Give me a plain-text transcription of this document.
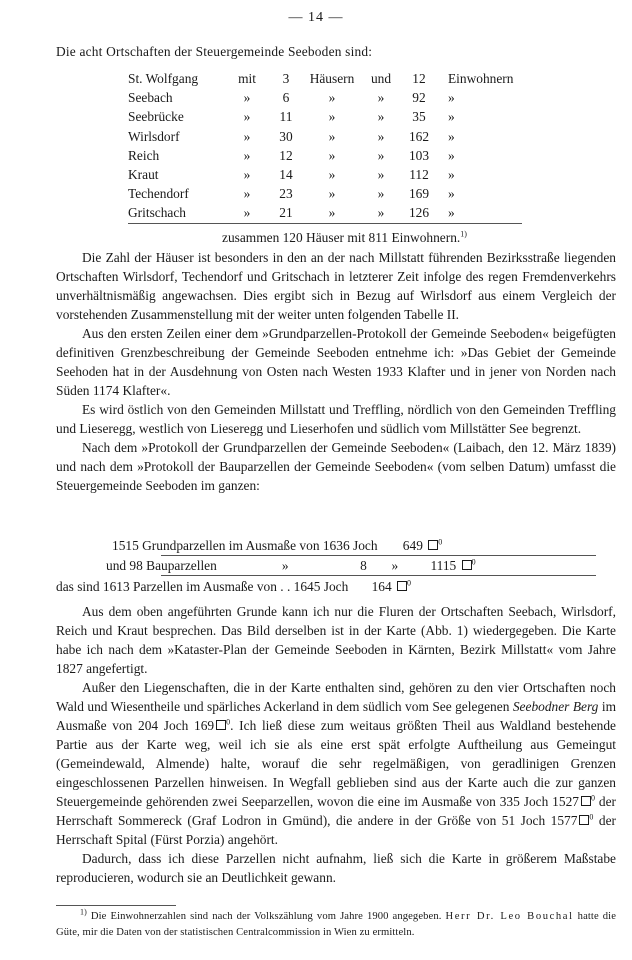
— 14 —
Die acht Ortschaften der Steuergemeinde Seeboden sind:
St. Wolfgang	mit	3	Häusern	und	12	Einwohnern
Seebach	»	6	»	»	92	»
Seebrücke	»	11	»	»	35	»
Wirlsdorf	»	30	»	»	162	»
Reich	»	12	»	»	103	»
Kraut	»	14	»	»	112	»
Techendorf	»	23	»	»	169	»
Gritschach	»	21	»	»	126	»
zusammen 120 Häuser mit 811 Einwohnern.$^{1)}$

Die Zahl der Häuser ist besonders in den an der nach Millstatt führenden Bezirksstraße liegenden Ortschaften Wirlsdorf, Techendorf und Gritschach in letzterer Zeit infolge des regen Fremdenverkehrs unverhältnismäßig angewachsen. Dies ergibt sich in Bezug auf Wirlsdorf aus einem Vergleich der vorstehenden Zusammenstellung mit der weiter unten folgenden Tabelle II.

Aus den ersten Zeilen einer dem »Grundparzellen-Protokoll der Gemeinde Seeboden« beigefügten definitiven Grenzbeschreibung der Gemeinde Seeboden entnehme ich: »Das Gebiet der Gemeinde Seehoden hat in der Ausdehnung von Osten nach Westen 1933 Klafter und in jener von Norden nach Süden 1174 Klafter«.

Es wird östlich von den Gemeinden Millstatt und Treffling, nördlich von den Gemeinden Treffling und Lieseregg, westlich von Lieseregg und Lieserhofen und südlich vom Millstätter See begrenzt.

Nach dem »Protokoll der Grundparzellen der Gemeinde Seeboden« (Laibach, den 12. März 1839) und nach dem »Protokoll der Bauparzellen der Gemeinde Seeboden« (vom selben Datum) umfasst die Steuergemeinde Seeboden im ganzen:

1515 Grundparzellen im Ausmaße von 1636 Joch 649 $^0$
und 98 Bauparzellen	»	8 » 1115 $^0$
das sind 1613 Parzellen im Ausmaße von . . 1645 Joch 164 $^0$

Aus dem oben angeführten Grunde kann ich nur die Fluren der Ortschaften Seebach, Wirlsdorf, Reich und Kraut besprechen. Das Bild derselben ist in der Karte (Abb. 1) wiedergegeben. Die Karte habe ich nach dem »Kataster-Plan der Gemeinde Seeboden in Kärnten, Bezirk Millstatt« vom Jahre 1827 angefertigt.

Außer den Liegenschaften, die in der Karte enthalten sind, gehören zu den vier Ortschaften noch Wald und Wiesentheile und spärliches Ackerland in dem südlich vom See gelegenen Seebodner Berg im Ausmaße von 204 Joch 169 $^0$. Ich ließ diese zum weitaus größten Theil aus Waldland bestehende Partie aus der Karte weg, weil ich sie als eine erst spät erfolgte Auftheilung aus Gemeingut (Gemeindewald, Almende) halte, worauf die sehr regelmäßigen, von geradlinigen Grenzen eingeschlossenen Parzellen hinweisen. In Wegfall geblieben sind aus der Karte auch die zur ganzen Steuergemeinde gehörenden zwei Seeparzellen, wovon die eine im Ausmaße von 335 Joch 1527 $^0$ der Herrschaft Sommereck (Graf Lodron in Gmünd), die andere in der Größe von 51 Joch 1577 $^0$ der Herrschaft Spital (Fürst Porzia) angehört.

Dadurch, dass ich diese Parzellen nicht aufnahm, ließ sich die Karte in größerem Maßstabe reproducieren, wodurch sie an Deutlichkeit gewann.

$^{1)}$ Die Einwohnerzahlen sind nach der Volkszählung vom Jahre 1900 angegeben. Herr Dr. Leo Bouchal hatte die Güte, mir die Daten von der statistischen Centralcommission in Wien zu ermitteln.
